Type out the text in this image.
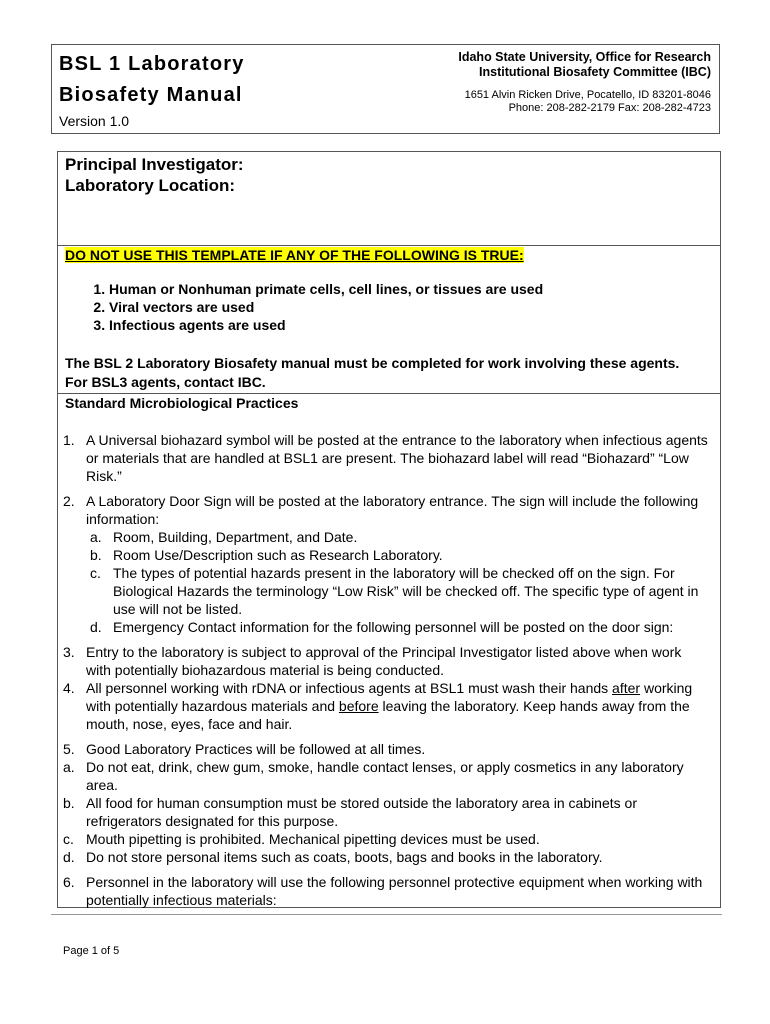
BSL 1 Laboratory
Biosafety Manual
Version 1.0
Idaho State University, Office for Research
Institutional Biosafety Committee (IBC)
1651 Alvin Ricken Drive, Pocatello, ID 83201-8046
Phone: 208-282-2179 Fax: 208-282-4723
Principal Investigator:
Laboratory Location:
DO NOT USE THIS TEMPLATE IF ANY OF THE FOLLOWING IS TRUE:
1. Human or Nonhuman primate cells, cell lines, or tissues are used
2. Viral vectors are used
3. Infectious agents are used
The BSL 2 Laboratory Biosafety manual must be completed for work involving these agents. For BSL3 agents, contact IBC.
Standard Microbiological Practices
1. A Universal biohazard symbol will be posted at the entrance to the laboratory when infectious agents or materials that are handled at BSL1 are present. The biohazard label will read “Biohazard” “Low Risk.”
2. A Laboratory Door Sign will be posted at the laboratory entrance. The sign will include the following information:
a. Room, Building, Department, and Date.
b. Room Use/Description such as Research Laboratory.
c. The types of potential hazards present in the laboratory will be checked off on the sign. For Biological Hazards the terminology “Low Risk” will be checked off. The specific type of agent in use will not be listed.
d. Emergency Contact information for the following personnel will be posted on the door sign:
3. Entry to the laboratory is subject to approval of the Principal Investigator listed above when work with potentially biohazardous material is being conducted.
4. All personnel working with rDNA or infectious agents at BSL1 must wash their hands after working with potentially hazardous materials and before leaving the laboratory. Keep hands away from the mouth, nose, eyes, face and hair.
5. Good Laboratory Practices will be followed at all times.
a. Do not eat, drink, chew gum, smoke, handle contact lenses, or apply cosmetics in any laboratory area.
b. All food for human consumption must be stored outside the laboratory area in cabinets or refrigerators designated for this purpose.
c. Mouth pipetting is prohibited. Mechanical pipetting devices must be used.
d. Do not store personal items such as coats, boots, bags and books in the laboratory.
6. Personnel in the laboratory will use the following personnel protective equipment when working with potentially infectious materials:
Page 1 of 5
